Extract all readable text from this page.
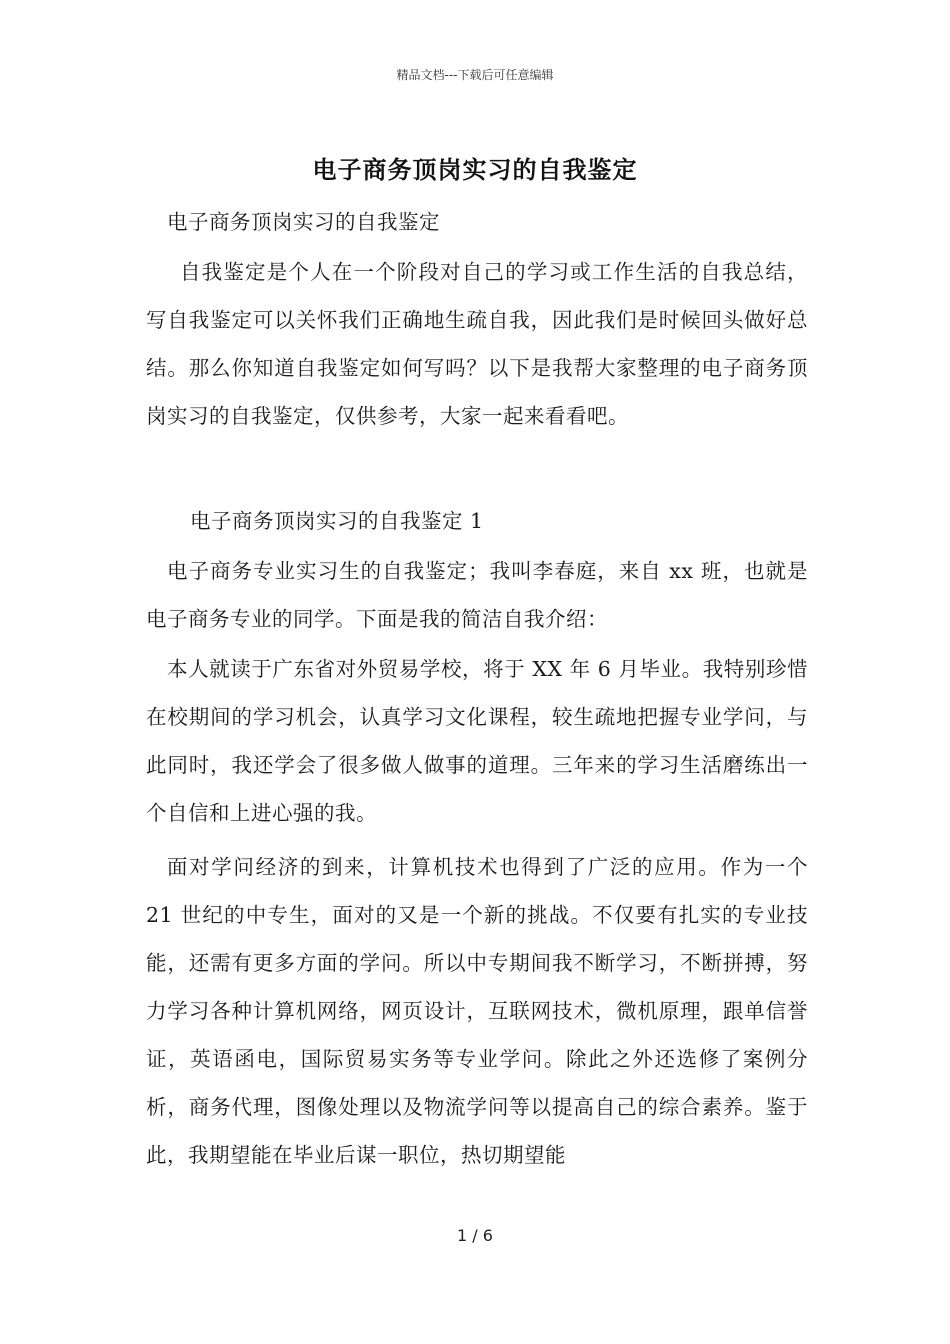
精品文档---下载后可任意编辑
电子商务顶岗实习的自我鉴定

电子商务顶岗实习的自我鉴定

自我鉴定是个人在一个阶段对自己的学习或工作生活的自我总结，写自我鉴定可以关怀我们正确地生疏自我，因此我们是时候回头做好总结。那么你知道自我鉴定如何写吗？以下是我帮大家整理的电子商务顶岗实习的自我鉴定，仅供参考，大家一起来看看吧。

电子商务顶岗实习的自我鉴定 1

电子商务专业实习生的自我鉴定；我叫李春庭，来自 xx 班，也就是电子商务专业的同学。下面是我的简洁自我介绍：

本人就读于广东省对外贸易学校，将于 XX 年 6 月毕业。我特别珍惜在校期间的学习机会，认真学习文化课程，较生疏地把握专业学问，与此同时，我还学会了很多做人做事的道理。三年来的学习生活磨练出一个自信和上进心强的我。

面对学问经济的到来，计算机技术也得到了广泛的应用。作为一个 21 世纪的中专生，面对的又是一个新的挑战。不仅要有扎实的专业技能，还需有更多方面的学问。所以中专期间我不断学习，不断拼搏，努力学习各种计算机网络，网页设计，互联网技术，微机原理，跟单信誉证，英语函电，国际贸易实务等专业学问。除此之外还选修了案例分析，商务代理，图像处理以及物流学问等以提高自己的综合素养。鉴于此，我期望能在毕业后谋一职位，热切期望能

1 / 6
